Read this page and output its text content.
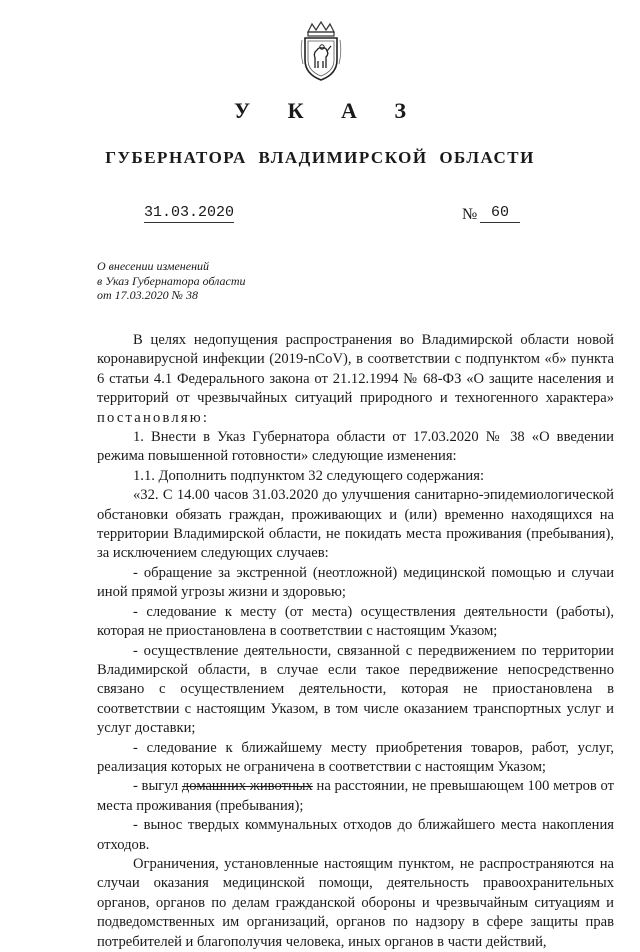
У К А З
ГУБЕРНАТОРА ВЛАДИМИРСКОЙ ОБЛАСТИ
31.03.2020	№ 60
О внесении изменений
в Указ Губернатора области
от 17.03.2020 № 38

В целях недопущения распространения во Владимирской области новой коронавирусной инфекции (2019-nCoV), в соответствии с подпунктом «б» пункта 6 статьи 4.1 Федерального закона от 21.12.1994 № 68-ФЗ «О защите населения и территорий от чрезвычайных ситуаций природного и техногенного характера» постановляю:

1. Внести в Указ Губернатора области от 17.03.2020 № 38 «О введении режима повышенной готовности» следующие изменения:

1.1. Дополнить подпунктом 32 следующего содержания:

«32. С 14.00 часов 31.03.2020 до улучшения санитарно-эпидемиологической обстановки обязать граждан, проживающих и (или) временно находящихся на территории Владимирской области, не покидать места проживания (пребывания), за исключением следующих случаев:

- обращение за экстренной (неотложной) медицинской помощью и случаи иной прямой угрозы жизни и здоровью;

- следование к месту (от места) осуществления деятельности (работы), которая не приостановлена в соответствии с настоящим Указом;

- осуществление деятельности, связанной с передвижением по территории Владимирской области, в случае если такое передвижение непосредственно связано с осуществлением деятельности, которая не приостановлена в соответствии с настоящим Указом, в том числе оказанием транспортных услуг и услуг доставки;

- следование к ближайшему месту приобретения товаров, работ, услуг, реализация которых не ограничена в соответствии с настоящим Указом;

- выгул домашних животных на расстоянии, не превышающем 100 метров от места проживания (пребывания);

- вынос твердых коммунальных отходов до ближайшего места накопления отходов.

Ограничения, установленные настоящим пунктом, не распространяются на случаи оказания медицинской помощи, деятельность правоохранительных органов, органов по делам гражданской обороны и чрезвычайным ситуациям и подведомственных им организаций, органов по надзору в сфере защиты прав потребителей и благополучия человека, иных органов в части действий,
